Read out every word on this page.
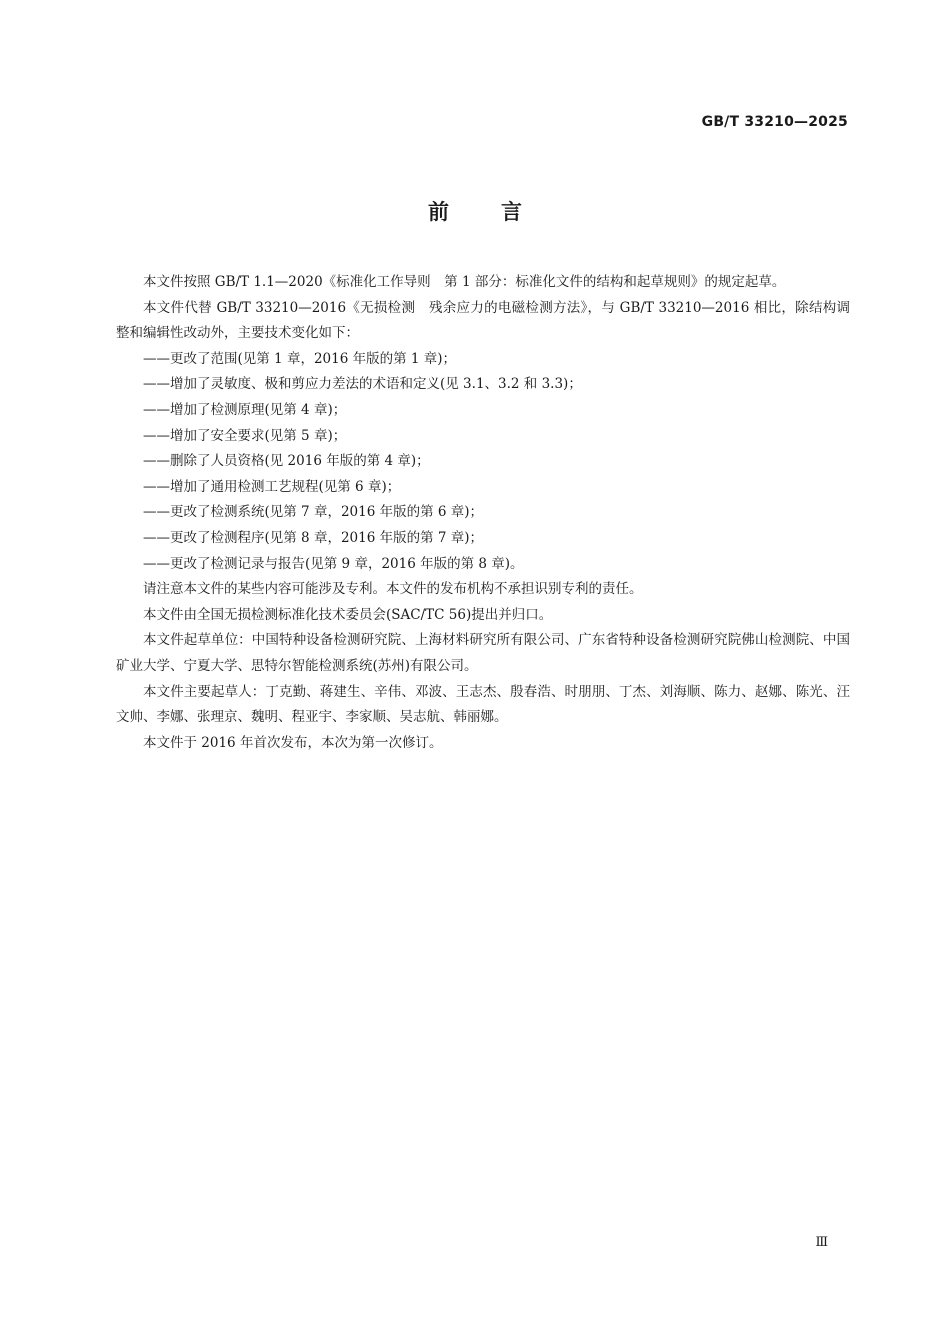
GB/T 33210—2025
前言

本文件按照 GB/T 1.1—2020《标准化工作导则　第 1 部分：标准化文件的结构和起草规则》的规定起草。

本文件代替 GB/T 33210—2016《无损检测　残余应力的电磁检测方法》，与 GB/T 33210—2016 相比，除结构调整和编辑性改动外，主要技术变化如下：

——更改了范围(见第 1 章，2016 年版的第 1 章)；

——增加了灵敏度、极和剪应力差法的术语和定义(见 3.1、3.2 和 3.3)；

——增加了检测原理(见第 4 章)；

——增加了安全要求(见第 5 章)；

——删除了人员资格(见 2016 年版的第 4 章)；

——增加了通用检测工艺规程(见第 6 章)；

——更改了检测系统(见第 7 章，2016 年版的第 6 章)；

——更改了检测程序(见第 8 章，2016 年版的第 7 章)；

——更改了检测记录与报告(见第 9 章，2016 年版的第 8 章)。

请注意本文件的某些内容可能涉及专利。本文件的发布机构不承担识别专利的责任。

本文件由全国无损检测标准化技术委员会(SAC/TC 56)提出并归口。

本文件起草单位：中国特种设备检测研究院、上海材料研究所有限公司、广东省特种设备检测研究院佛山检测院、中国矿业大学、宁夏大学、思特尔智能检测系统(苏州)有限公司。

本文件主要起草人：丁克勤、蒋建生、辛伟、邓波、王志杰、殷春浩、时朋朋、丁杰、刘海顺、陈力、赵娜、陈光、汪文帅、李娜、张理京、魏明、程亚宇、李家顺、吴志航、韩丽娜。

本文件于 2016 年首次发布，本次为第一次修订。

Ⅲ
